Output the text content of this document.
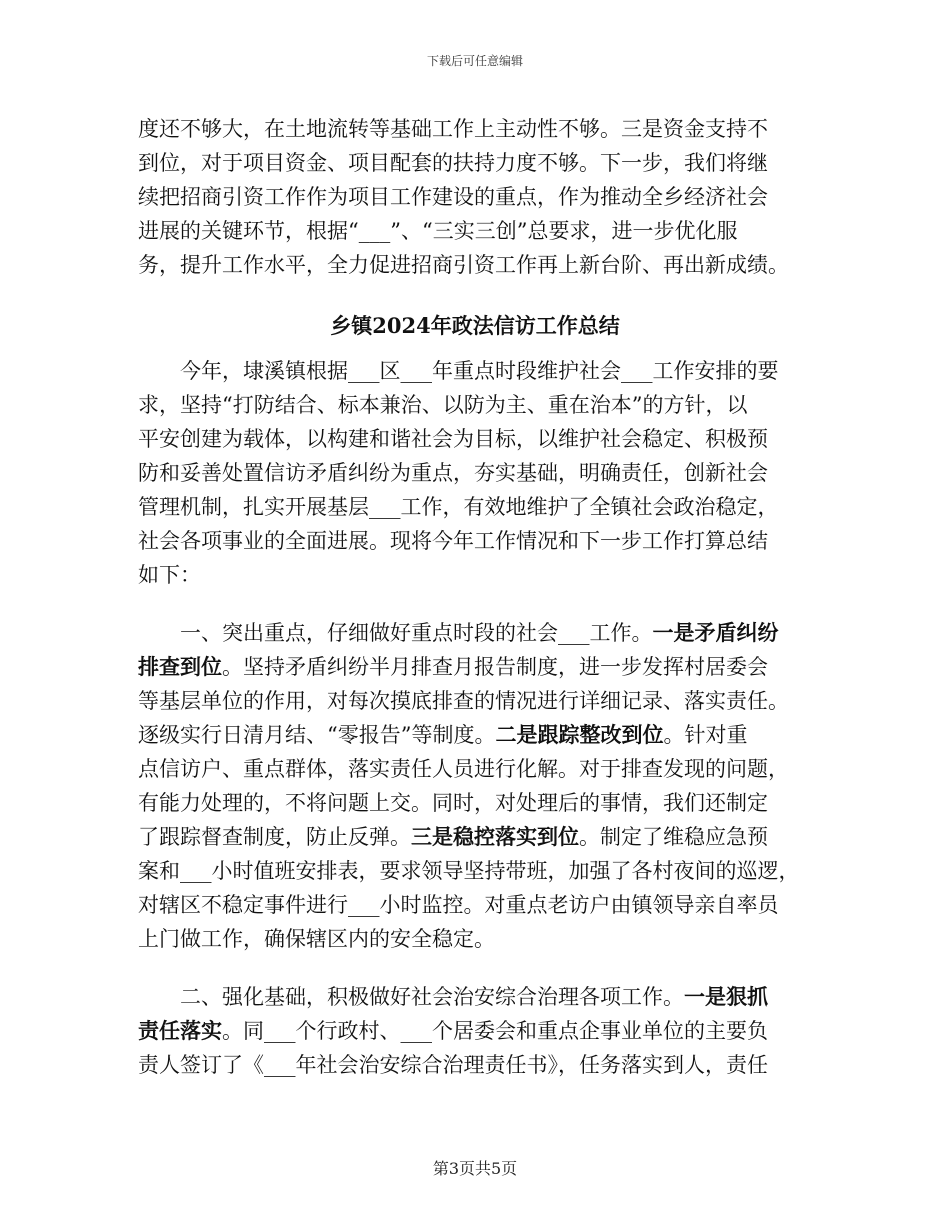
下载后可任意编辑
度还不够大，在土地流转等基础工作上主动性不够。三是资金支持不
到位，对于项目资金、项目配套的扶持力度不够。下一步，我们将继
续把招商引资工作作为项目工作建设的重点，作为推动全乡经济社会
进展的关键环节，根据“___”、“三实三创”总要求，进一步优化服
务，提升工作水平，全力促进招商引资工作再上新台阶、再出新成绩。
乡镇2024年政法信访工作总结
今年，埭溪镇根据___区___年重点时段维护社会___工作安排的要
求，坚持“打防结合、标本兼治、以防为主、重在治本”的方针，以
平安创建为载体，以构建和谐社会为目标，以维护社会稳定、积极预
防和妥善处置信访矛盾纠纷为重点，夯实基础，明确责任，创新社会
管理机制，扎实开展基层___工作，有效地维护了全镇社会政治稳定，
社会各项事业的全面进展。现将今年工作情况和下一步工作打算总结
如下：
一、突出重点，仔细做好重点时段的社会___工作。一是矛盾纠纷
排查到位。坚持矛盾纠纷半月排查月报告制度，进一步发挥村居委会
等基层单位的作用，对每次摸底排查的情况进行详细记录、落实责任。
逐级实行日清月结、“零报告”等制度。二是跟踪整改到位。针对重
点信访户、重点群体，落实责任人员进行化解。对于排查发现的问题，
有能力处理的，不将问题上交。同时，对处理后的事情，我们还制定
了跟踪督查制度，防止反弹。三是稳控落实到位。制定了维稳应急预
案和___小时值班安排表，要求领导坚持带班，加强了各村夜间的巡逻，
对辖区不稳定事件进行___小时监控。对重点老访户由镇领导亲自率员
上门做工作，确保辖区内的安全稳定。
二、强化基础，积极做好社会治安综合治理各项工作。一是狠抓
责任落实。同___个行政村、___个居委会和重点企事业单位的主要负
责人签订了《___年社会治安综合治理责任书》，任务落实到人，责任
第3页共5页
